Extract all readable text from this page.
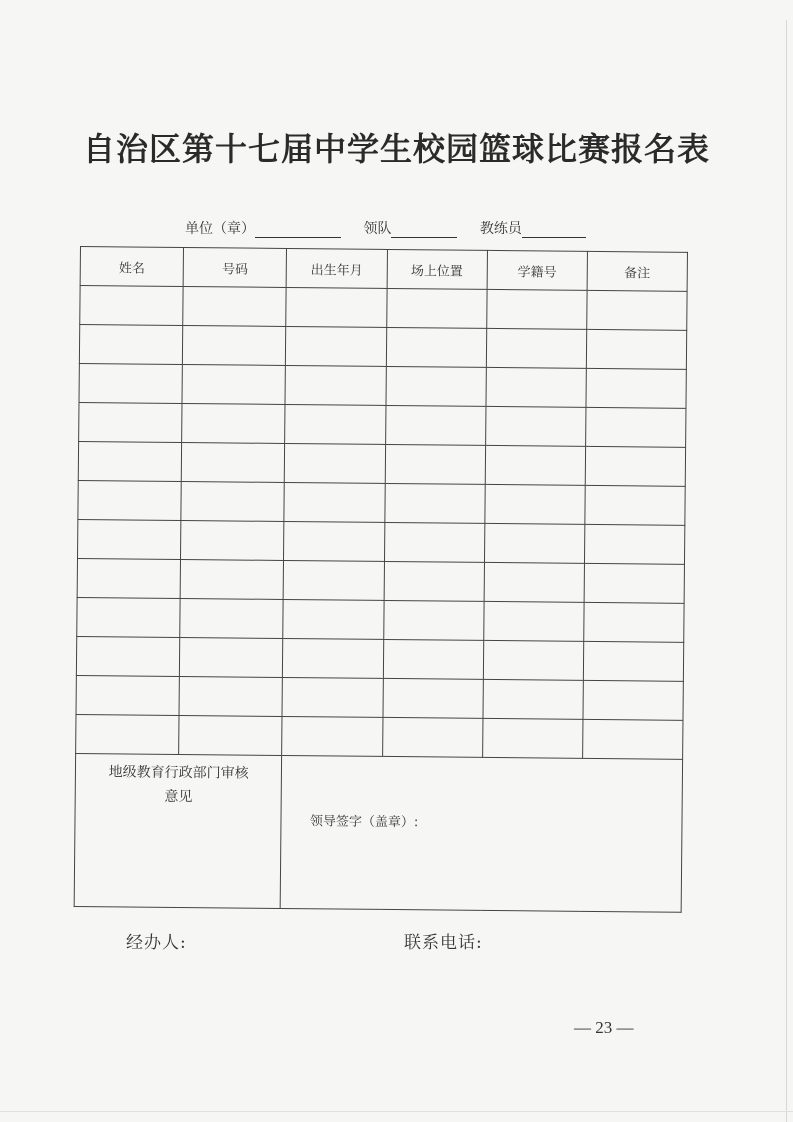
自治区第十七届中学生校园篮球比赛报名表
单位（章）	领队	教练员
姓名	号码	出生年月	场上位置	学籍号	备注

地级教育行政部门审核
意见		领导签字（盖章）:			
经办人:	联系电话:
— 23 —
